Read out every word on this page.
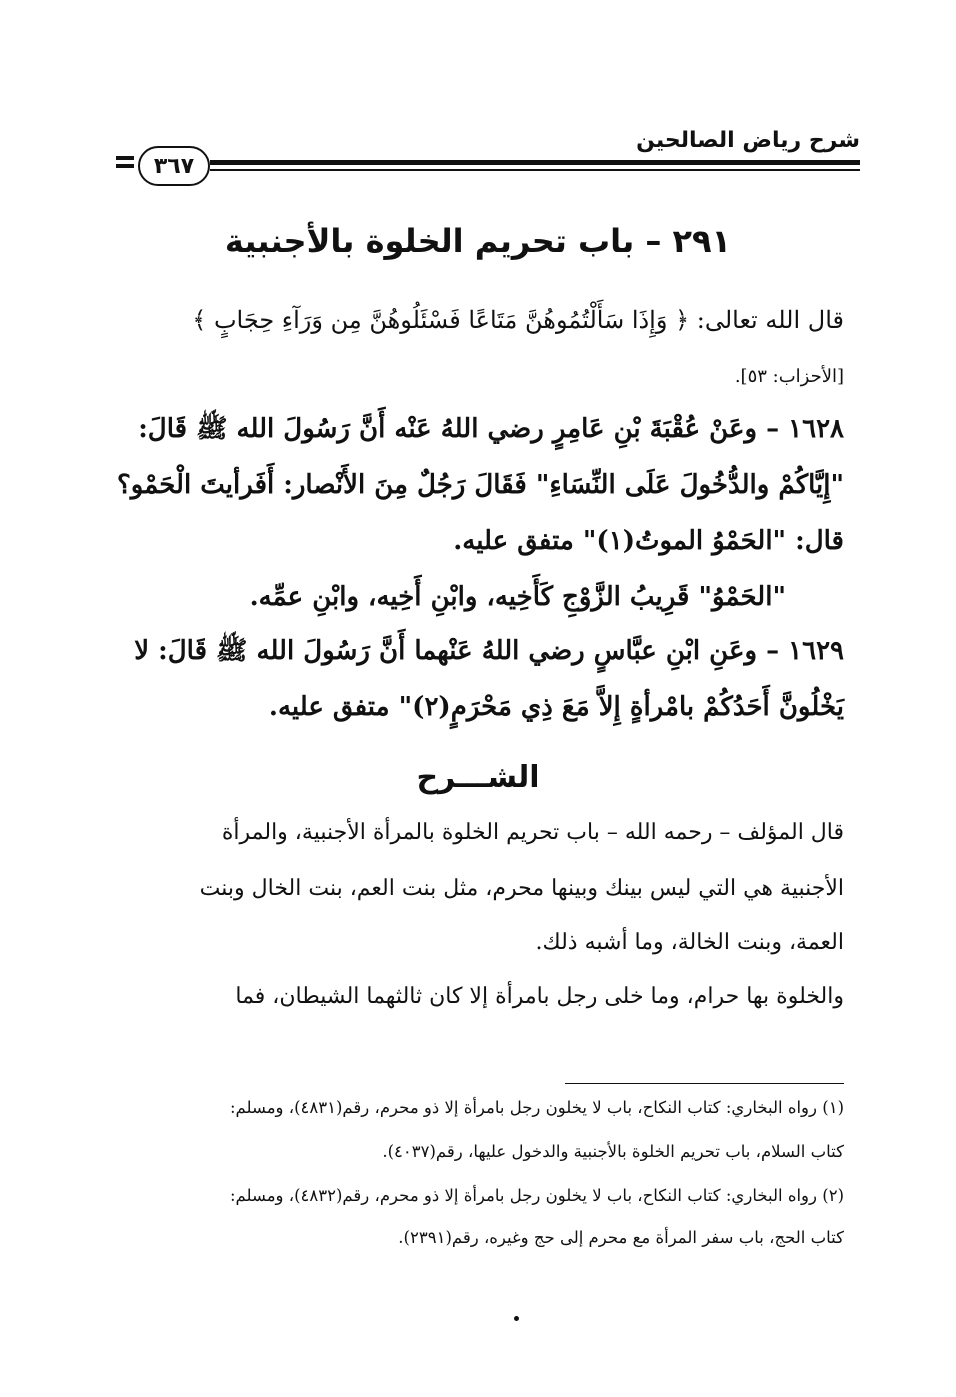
شرح رياض الصالحين
٣٦٧
٢٩١ – باب تحريم الخلوة بالأجنبية
قال الله تعالى: ﴿ وَإِذَا سَأَلْتُمُوهُنَّ مَتَاعًا فَسْئَلُوهُنَّ مِن وَرَآءِ حِجَابٍ ﴾
[الأحزاب: ٥٣].
١٦٢٨ – وعَنْ عُقْبَةَ بْنِ عَامِرٍ رضي اللهُ عَنْه أَنَّ رَسُولَ الله ﷺ قَالَ:
"إِيَّاكُمْ والدُّخُولَ عَلَى النِّسَاءِ" فَقَالَ رَجُلٌ مِنَ الأَنْصار: أَفَرأيتَ الْحَمْو؟
قال: "الحَمْوُ الموتُ(١)" متفق عليه.
"الحَمْوُ" قَرِيبُ الزَّوْجِ كَأَخِيه، وابْنِ أَخِيه، وابْنِ عمِّه.
١٦٢٩ – وعَنِ ابْنِ عبَّاسٍ رضي اللهُ عَنْهما أَنَّ رَسُولَ الله ﷺ قَالَ: لا
يَخْلُونَّ أَحَدُكُمْ بامْرأةٍ إِلاَّ مَعَ ذِي مَحْرَمٍ(٢)" متفق عليه.
الشـــرح
قال المؤلف – رحمه الله – باب تحريم الخلوة بالمرأة الأجنبية، والمرأة
الأجنبية هي التي ليس بينك وبينها محرم، مثل بنت العم، بنت الخال وبنت
العمة، وبنت الخالة، وما أشبه ذلك.
والخلوة بها حرام، وما خلى رجل بامرأة إلا كان ثالثهما الشيطان، فما
(١) رواه البخاري: كتاب النكاح، باب لا يخلون رجل بامرأة إلا ذو محرم، رقم(٤٨٣١)، ومسلم:
كتاب السلام، باب تحريم الخلوة بالأجنبية والدخول عليها، رقم(٤٠٣٧).
(٢) رواه البخاري: كتاب النكاح، باب لا يخلون رجل بامرأة إلا ذو محرم، رقم(٤٨٣٢)، ومسلم:
كتاب الحج، باب سفر المرأة مع محرم إلى حج وغيره، رقم(٢٣٩١).
